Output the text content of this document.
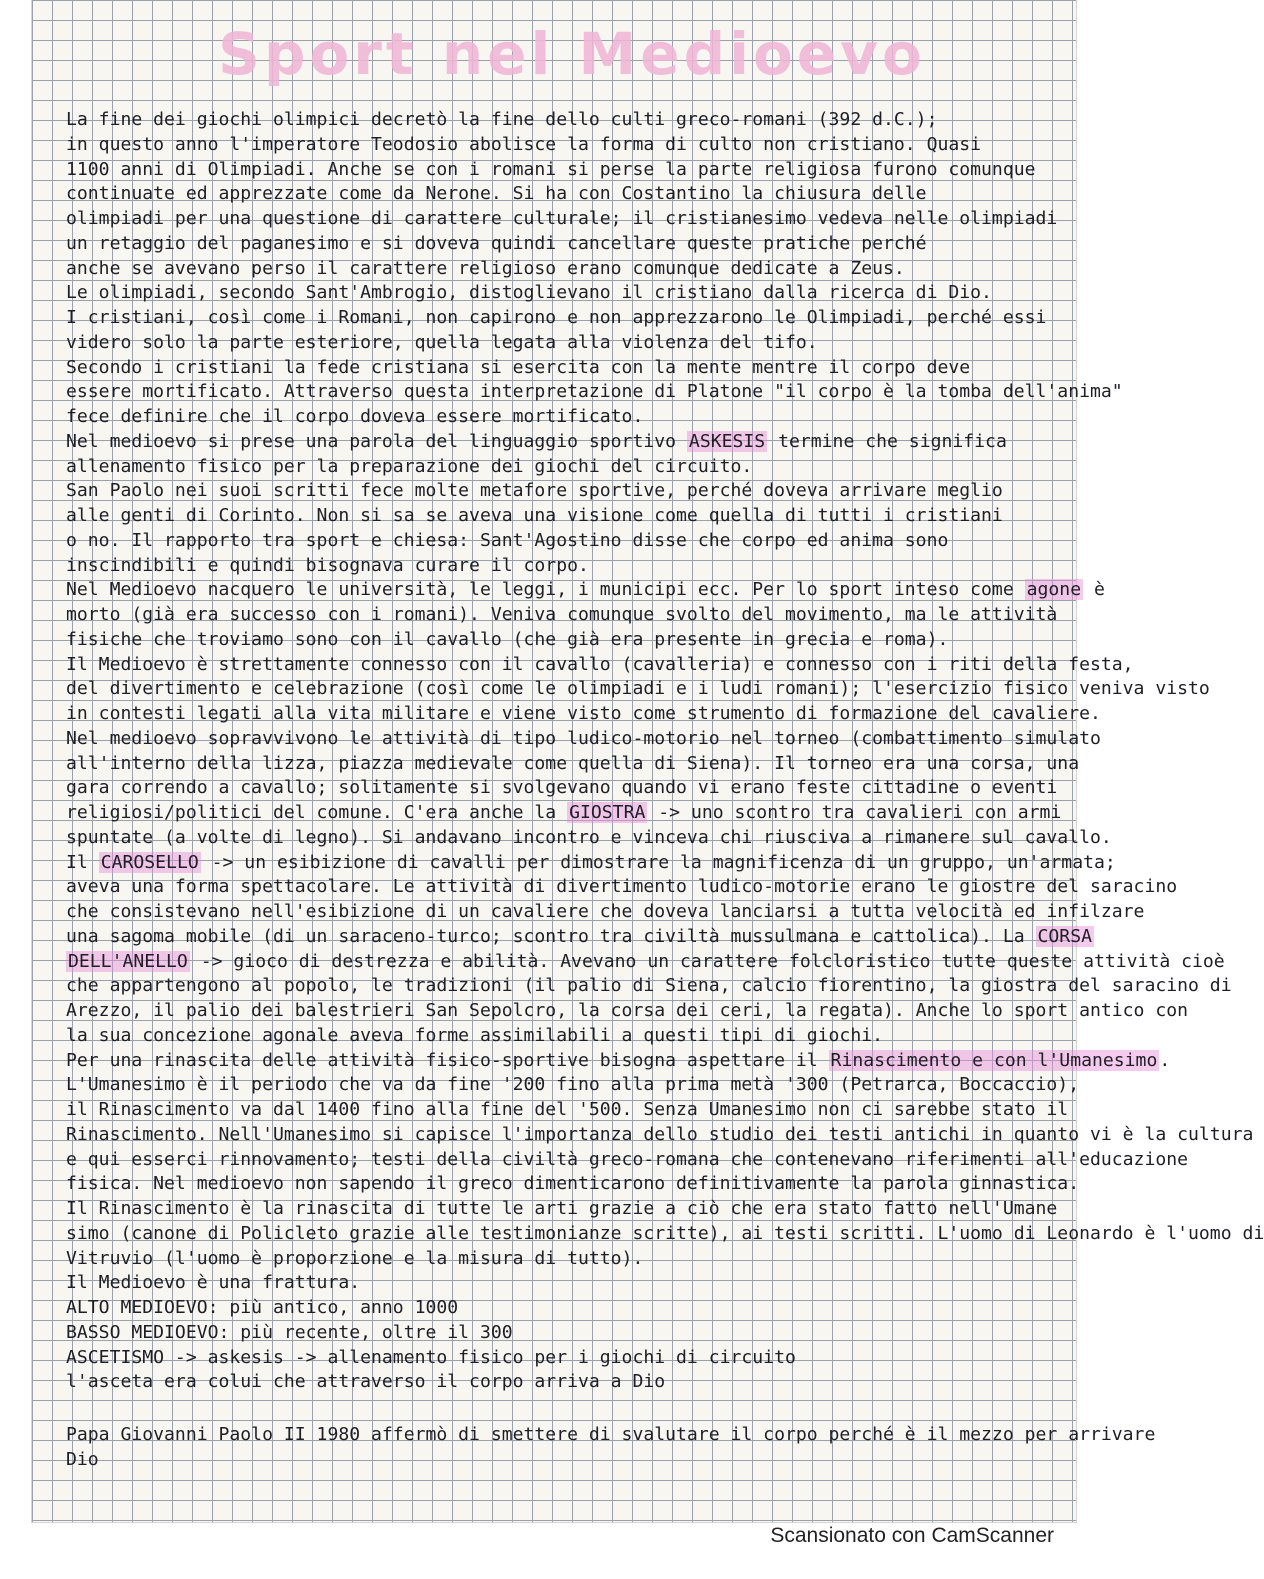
Sport nel Medioevo
La fine dei giochi olimpici decretò la fine dello culti greco-romani (392 d.C.);
in questo anno l'imperatore Teodosio abolisce la forma di culto non cristiano. Quasi
1100 anni di Olimpiadi. Anche se con i romani si perse la parte religiosa furono comunque
continuate ed apprezzate come da Nerone. Si ha con Costantino la chiusura delle
olimpiadi per una questione di carattere culturale; il cristianesimo vedeva nelle olimpiadi
un retaggio del paganesimo e si doveva quindi cancellare queste pratiche perché
anche se avevano perso il carattere religioso erano comunque dedicate a Zeus.
Le olimpiadi, secondo Sant'Ambrogio, distoglievano il cristiano dalla ricerca di Dio.
I cristiani, così come i Romani, non capirono e non apprezzarono le Olimpiadi, perché essi
videro solo la parte esteriore, quella legata alla violenza del tifo.
Secondo i cristiani la fede cristiana si esercita con la mente mentre il corpo deve
essere mortificato. Attraverso questa interpretazione di Platone "il corpo è la tomba dell'anima"
fece definire che il corpo doveva essere mortificato.
Nel medioevo si prese una parola del linguaggio sportivo ASKESIS termine che significa
allenamento fisico per la preparazione dei giochi del circuito.
San Paolo nei suoi scritti fece molte metafore sportive, perché doveva arrivare meglio
alle genti di Corinto. Non si sa se aveva una visione come quella di tutti i cristiani
o no. Il rapporto tra sport e chiesa: Sant'Agostino disse che corpo ed anima sono
inscindibili e quindi bisognava curare il corpo.
Nel Medioevo nacquero le università, le leggi, i municipi ecc. Per lo sport inteso come agone è
morto (già era successo con i romani). Veniva comunque svolto del movimento, ma le attività
fisiche che troviamo sono con il cavallo (che già era presente in grecia e roma).
Il Medioevo è strettamente connesso con il cavallo (cavalleria) e connesso con i riti della festa,
del divertimento e celebrazione (così come le olimpiadi e i ludi romani); l'esercizio fisico veniva visto
in contesti legati alla vita militare e viene visto come strumento di formazione del cavaliere.
Nel medioevo sopravvivono le attività di tipo ludico-motorio nel torneo (combattimento simulato
all'interno della lizza, piazza medievale come quella di Siena). Il torneo era una corsa, una
gara correndo a cavallo; solitamente si svolgevano quando vi erano feste cittadine o eventi
religiosi/politici del comune. C'era anche la GIOSTRA -> uno scontro tra cavalieri con armi
spuntate (a volte di legno). Si andavano incontro e vinceva chi riusciva a rimanere sul cavallo.
Il CAROSELLO -> un esibizione di cavalli per dimostrare la magnificenza di un gruppo, un'armata;
aveva una forma spettacolare. Le attività di divertimento ludico-motorie erano le giostre del saracino
che consistevano nell'esibizione di un cavaliere che doveva lanciarsi a tutta velocità ed infilzare
una sagoma mobile (di un saraceno-turco; scontro tra civiltà mussulmana e cattolica). La CORSA
DELL'ANELLO -> gioco di destrezza e abilità. Avevano un carattere folcloristico tutte queste attività cioè
che appartengono al popolo, le tradizioni (il palio di Siena, calcio fiorentino, la giostra del saracino di
Arezzo, il palio dei balestrieri San Sepolcro, la corsa dei ceri, la regata). Anche lo sport antico con
la sua concezione agonale aveva forme assimilabili a questi tipi di giochi.
Per una rinascita delle attività fisico-sportive bisogna aspettare il Rinascimento e con l'Umanesimo .
L'Umanesimo è il periodo che va da fine '200 fino alla prima metà '300 (Petrarca, Boccaccio),
il Rinascimento va dal 1400 fino alla fine del '500. Senza Umanesimo non ci sarebbe stato il
Rinascimento. Nell'Umanesimo si capisce l'importanza dello studio dei testi antichi in quanto vi è la cultura
e qui esserci rinnovamento; testi della civiltà greco-romana che contenevano riferimenti all'educazione
fisica. Nel medioevo non sapendo il greco dimenticarono definitivamente la parola ginnastica.
Il Rinascimento è la rinascita di tutte le arti grazie a ciò che era stato fatto nell'Umane
simo (canone di Policleto grazie alle testimonianze scritte), ai testi scritti. L'uomo di Leonardo è l'uomo di
Vitruvio (l'uomo è proporzione e la misura di tutto).
Il Medioevo è una frattura.
ALTO MEDIOEVO: più antico, anno 1000
BASSO MEDIOEVO: più recente, oltre il 300
ASCETISMO -> askesis -> allenamento fisico per i giochi di circuito
l'asceta era colui che attraverso il corpo arriva a Dio
Papa Giovanni Paolo II 1980 affermò di smettere di svalutare il corpo perché è il mezzo per arrivare
Dio
Scansionato con CamScanner
